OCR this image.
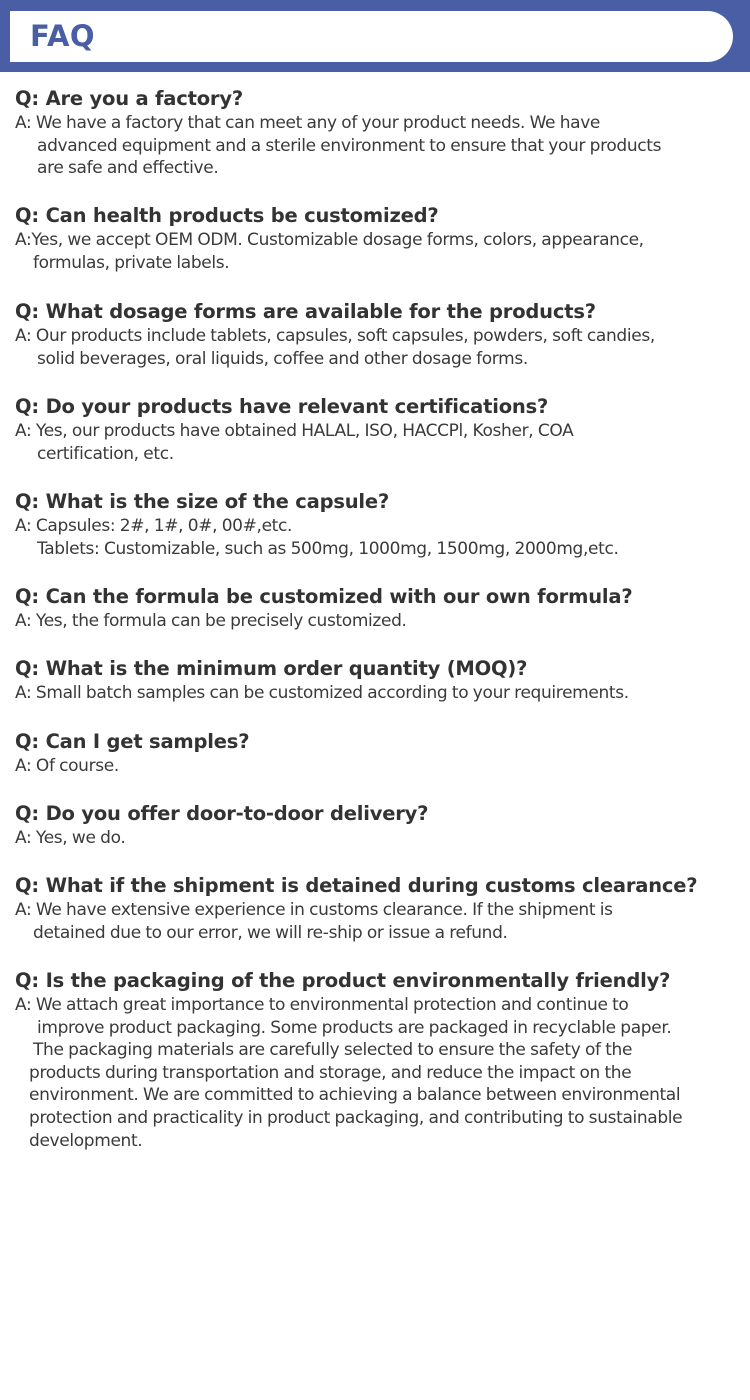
FAQ
Q: Are you a factory?
A: We have a factory that can meet any of your product needs. We have
advanced equipment and a sterile environment to ensure that your products
are safe and effective.
Q: Can health products be customized?
A:Yes, we accept OEM ODM. Customizable dosage forms, colors, appearance,
formulas, private labels.
Q: What dosage forms are available for the products?
A: Our products include tablets, capsules, soft capsules, powders, soft candies,
solid beverages, oral liquids, coffee and other dosage forms.
Q: Do your products have relevant certifications?
A: Yes, our products have obtained HALAL, ISO, HACCPl, Kosher, COA
certification, etc.
Q: What is the size of the capsule?
A: Capsules: 2#, 1#, 0#, 00#,etc.
Tablets: Customizable, such as 500mg, 1000mg, 1500mg, 2000mg,etc.
Q: Can the formula be customized with our own formula?
A: Yes, the formula can be precisely customized.
Q: What is the minimum order quantity (MOQ)?
A: Small batch samples can be customized according to your requirements.
Q: Can I get samples?
A: Of course.
Q: Do you offer door-to-door delivery?
A: Yes, we do.
Q: What if the shipment is detained during customs clearance?
A: We have extensive experience in customs clearance. If the shipment is
detained due to our error, we will re-ship or issue a refund.
Q: Is the packaging of the product environmentally friendly?
A: We attach great importance to environmental protection and continue to
improve product packaging. Some products are packaged in recyclable paper.
The packaging materials are carefully selected to ensure the safety of the
products during transportation and storage, and reduce the impact on the
environment. We are committed to achieving a balance between environmental
protection and practicality in product packaging, and contributing to sustainable
development.
